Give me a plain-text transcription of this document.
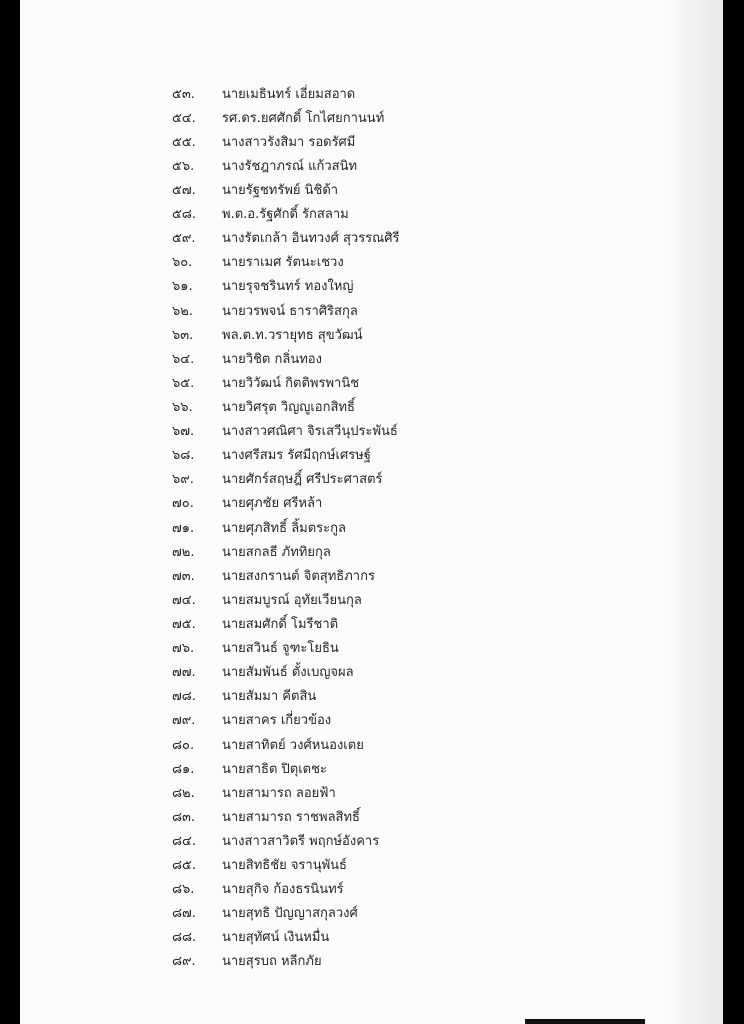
๕๓.	นายเมธินทร์ เอี่ยมสอาด
๕๔.	รศ.ดร.ยศศักดิ์ โกไศยกานนท์
๕๕.	นางสาวรังสิมา รอดรัศมี
๕๖.	นางรัชฎาภรณ์ แก้วสนิท
๕๗.	นายรัฐชทรัพย์ นิชิด้า
๕๘.	พ.ต.อ.รัฐศักดิ์ รักสลาม
๕๙.	นางรัตเกล้า อินทวงศ์ สุวรรณศิรี
๖๐.	นายราเมศ รัตนะเชวง
๖๑.	นายรุจชรินทร์ ทองใหญ่
๖๒.	นายวรพจน์ ธาราศิริสกุล
๖๓.	พล.ต.ท.วรายุทธ สุขวัฒน์
๖๔.	นายวิชิต กลิ่นทอง
๖๕.	นายวิวัฒน์ กิตติพรพานิช
๖๖.	นายวิศรุต วิญญูเอกสิทธิ์
๖๗.	นางสาวศณิศา จิรเสวีนุประพันธ์
๖๘.	นางศรีสมร รัศมีฤกษ์เศรษฐ์
๖๙.	นายศักร์สฤษฎิ์ ศรีประศาสตร์
๗๐.	นายศุภชัย ศรีหล้า
๗๑.	นายศุภสิทธิ์ ลิ้มตระกูล
๗๒.	นายสกลธี ภัททิยกุล
๗๓.	นายสงกรานต์ จิตสุทธิภากร
๗๔.	นายสมบูรณ์ อุทัยเวียนกุล
๗๕.	นายสมศักดิ์ โมรีชาติ
๗๖.	นายสวินธ์ จูฑะโยธิน
๗๗.	นายสัมพันธ์ ตั้งเบญจผล
๗๘.	นายสัมมา คีตสิน
๗๙.	นายสาคร เกี่ยวข้อง
๘๐.	นายสาทิตย์ วงศ์หนองเตย
๘๑.	นายสาธิต ปิตุเตชะ
๘๒.	นายสามารถ ลอยฟ้า
๘๓.	นายสามารถ ราชพลสิทธิ์
๘๔.	นางสาวสาวิตรี พฤกษ์อังคาร
๘๕.	นายสิทธิชัย จรานุพันธ์
๘๖.	นายสุกิจ ก้องธรนินทร์
๘๗.	นายสุทธิ ปัญญาสกุลวงศ์
๘๘.	นายสุทัศน์ เงินหมื่น
๘๙.	นายสุรบถ หลีกภัย
